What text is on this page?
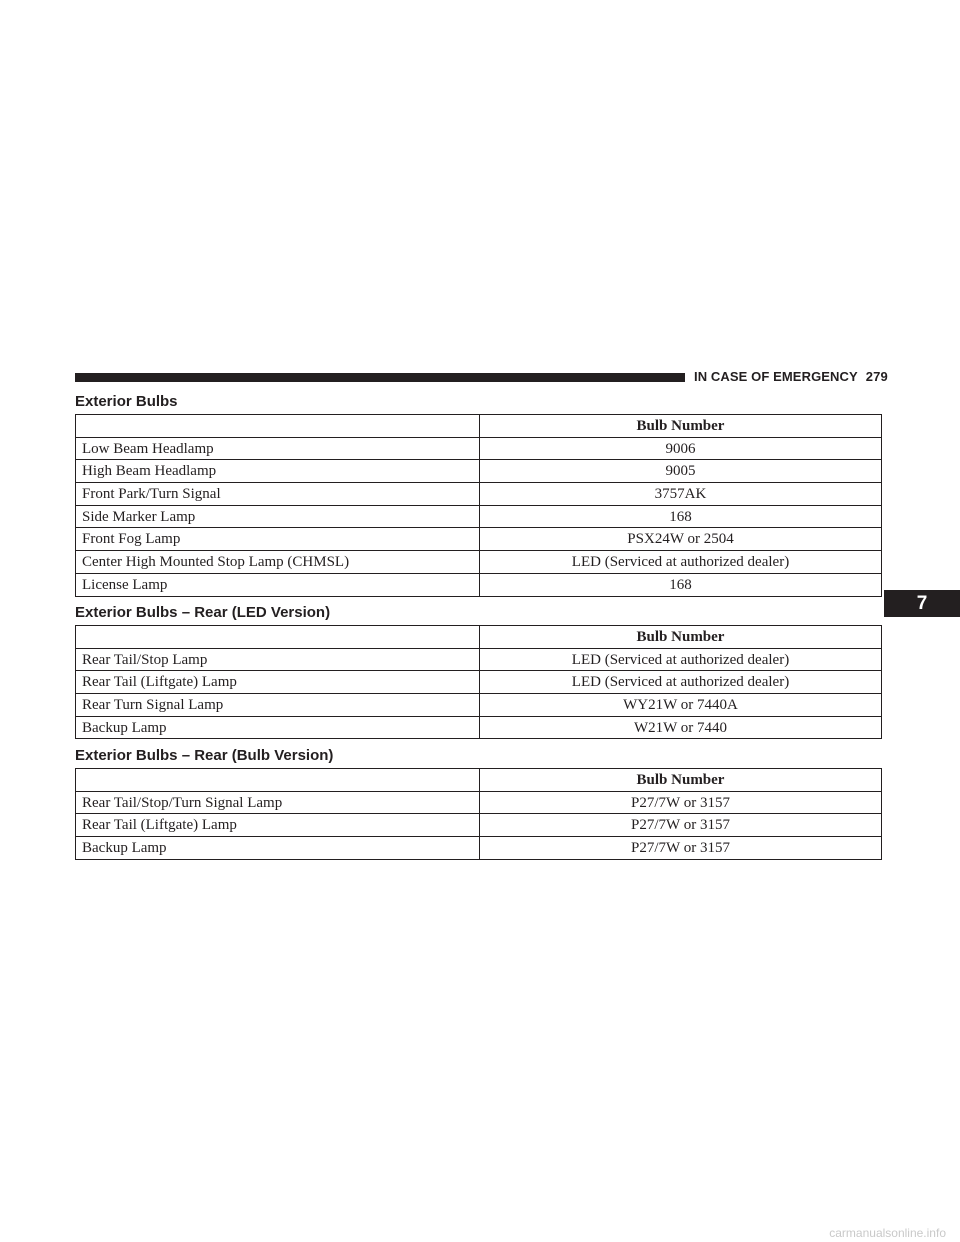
IN CASE OF EMERGENCY 279
7
Exterior Bulbs
	Bulb Number
Low Beam Headlamp	9006
High Beam Headlamp	9005
Front Park/Turn Signal	3757AK
Side Marker Lamp	168
Front Fog Lamp	PSX24W or 2504
Center High Mounted Stop Lamp (CHMSL)	LED (Serviced at authorized dealer)
License Lamp	168
Exterior Bulbs – Rear (LED Version)
	Bulb Number
Rear Tail/Stop Lamp	LED (Serviced at authorized dealer)
Rear Tail (Liftgate) Lamp	LED (Serviced at authorized dealer)
Rear Turn Signal Lamp	WY21W or 7440A
Backup Lamp	W21W or 7440
Exterior Bulbs – Rear (Bulb Version)
	Bulb Number
Rear Tail/Stop/Turn Signal Lamp	P27/7W or 3157
Rear Tail (Liftgate) Lamp	P27/7W or 3157
Backup Lamp	P27/7W or 3157
carmanualsonline.info
